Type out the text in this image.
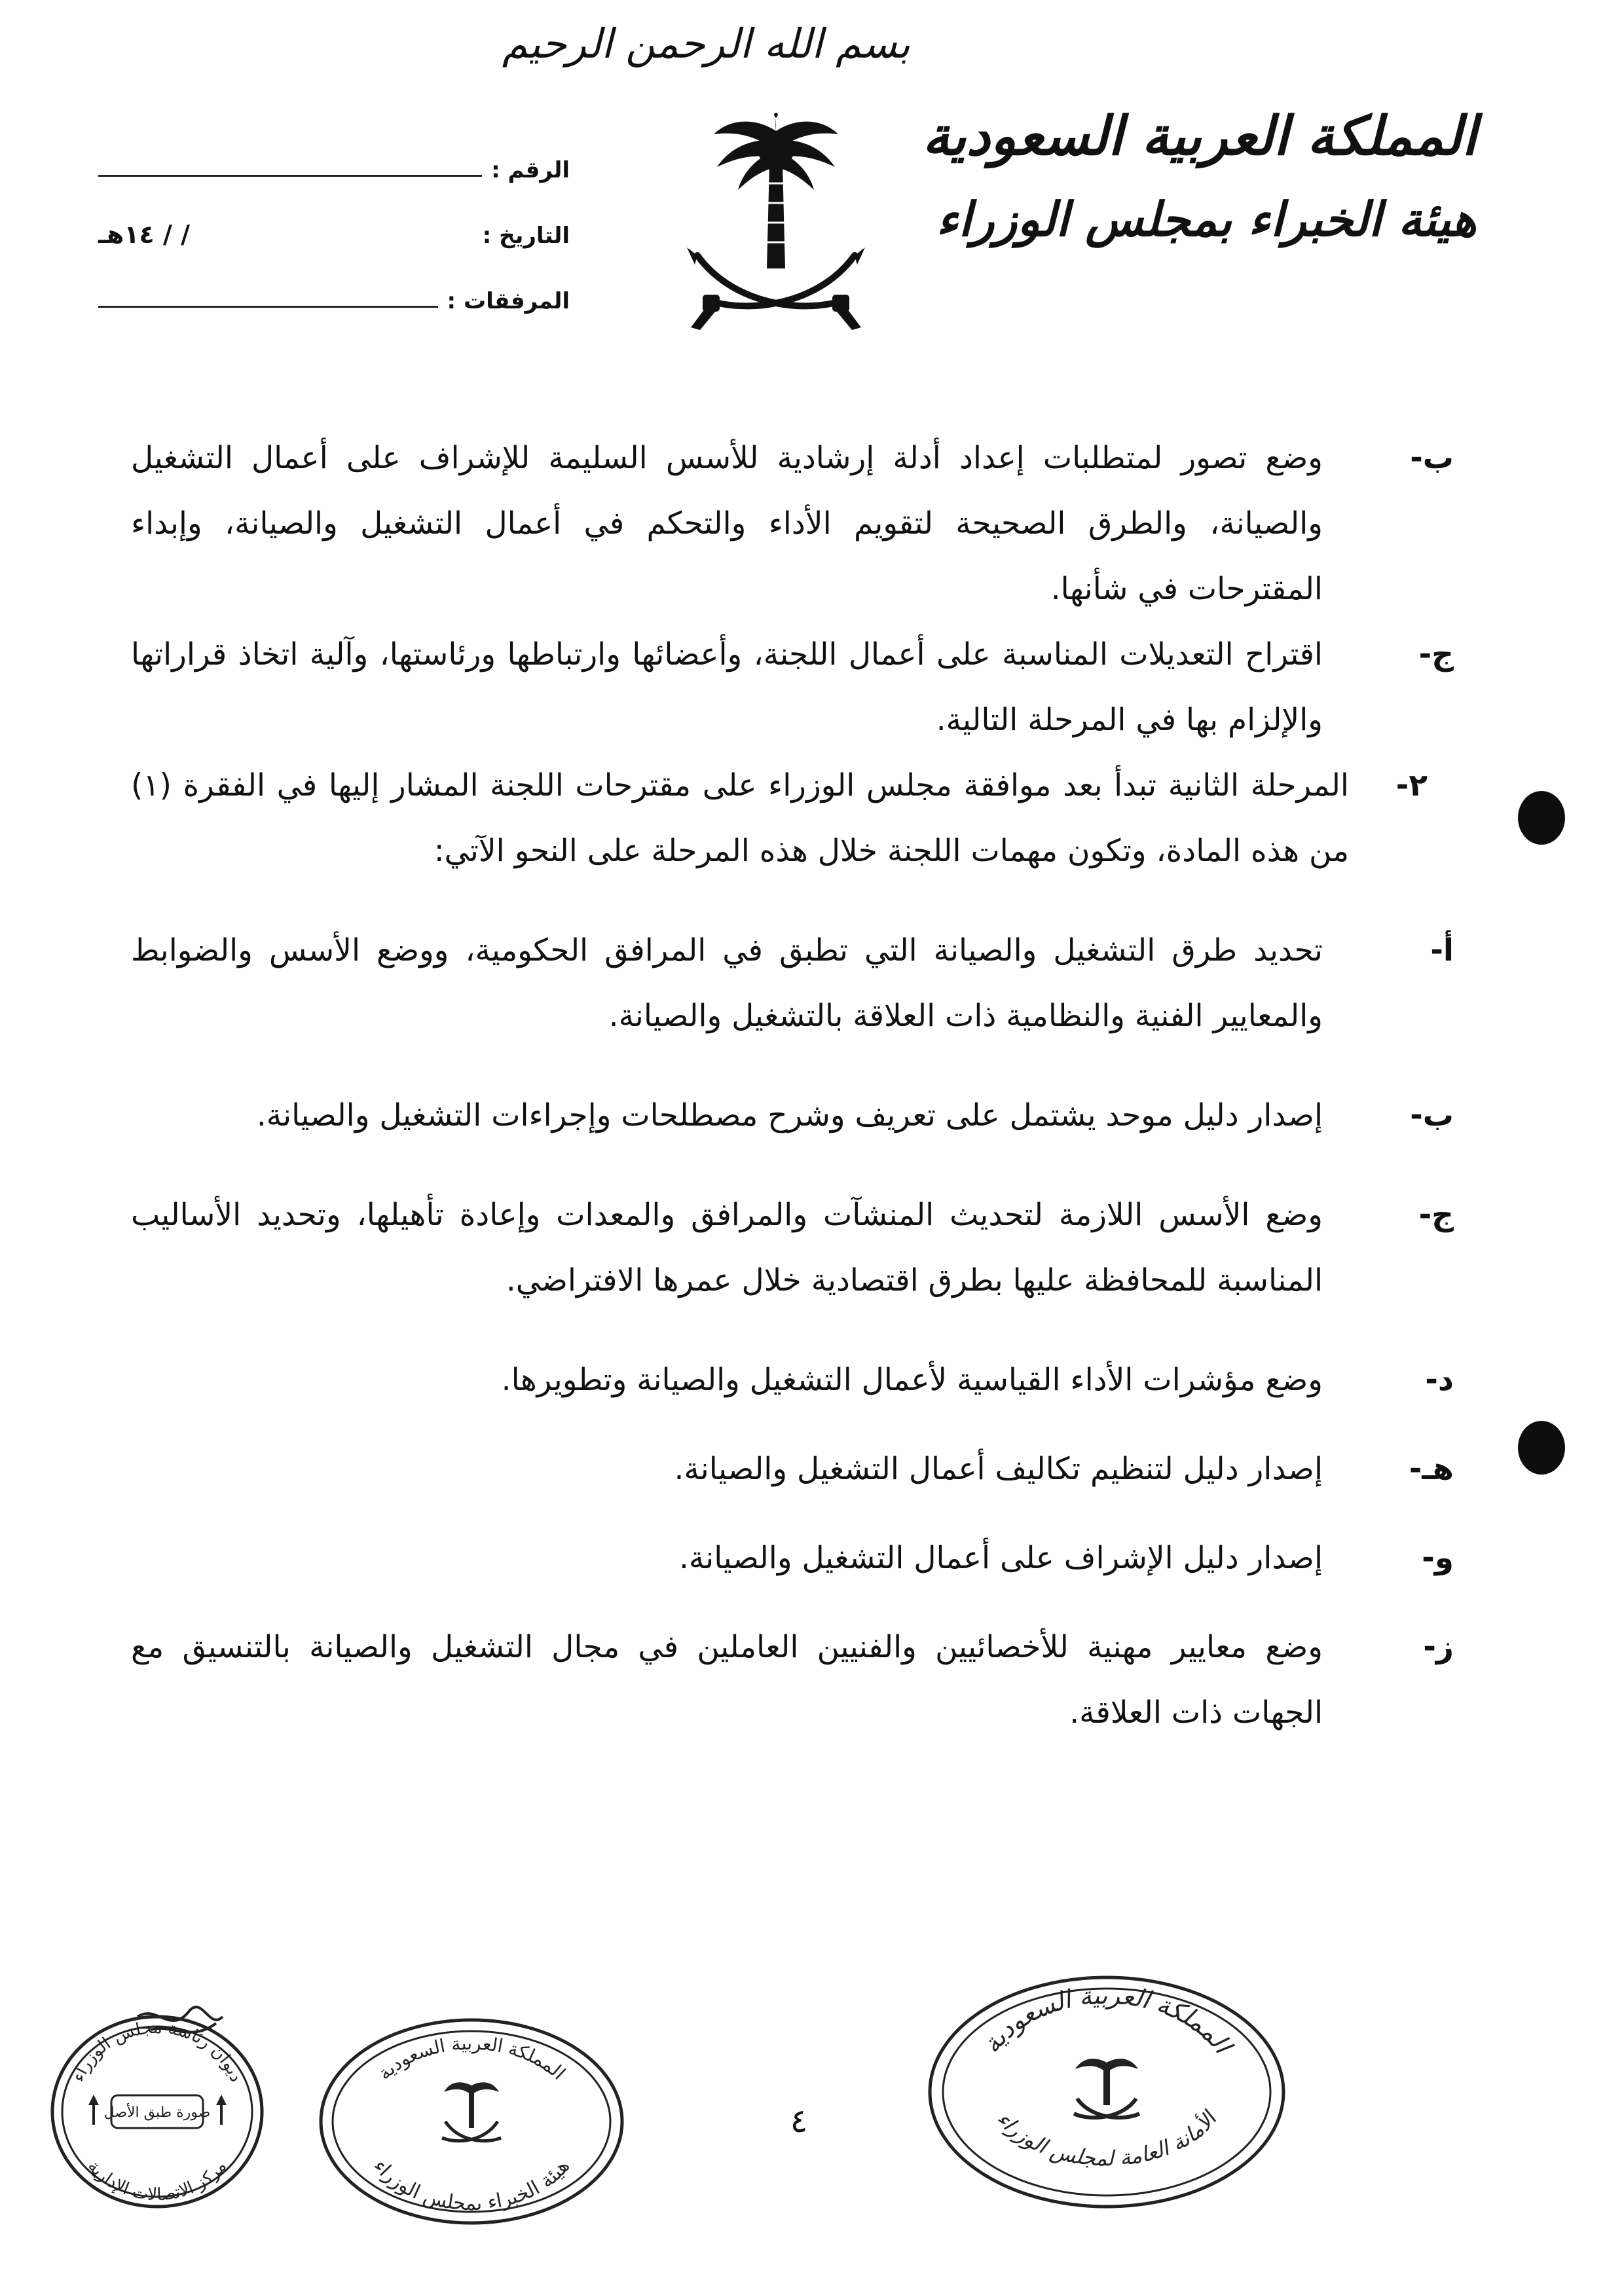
بسم الله الرحمن الرحيم
المملكة العربية السعودية
هيئة الخبراء بمجلس الوزراء
الرقم :
التاريخ :
/ / ١٤هـ
المرفقات :
ب-
وضع تصور لمتطلبات إعداد أدلة إرشادية للأسس السليمة للإشراف على أعمال التشغيل والصيانة، والطرق الصحيحة لتقويم الأداء والتحكم في أعمال التشغيل والصيانة، وإبداء المقترحات في شأنها.
ج-
اقتراح التعديلات المناسبة على أعمال اللجنة، وأعضائها وارتباطها ورئاستها، وآلية اتخاذ قراراتها والإلزام بها في المرحلة التالية.
٢-
المرحلة الثانية تبدأ بعد موافقة مجلس الوزراء على مقترحات اللجنة المشار إليها في الفقرة (١) من هذه المادة، وتكون مهمات اللجنة خلال هذه المرحلة على النحو الآتي:
أ-
تحديد طرق التشغيل والصيانة التي تطبق في المرافق الحكومية، ووضع الأسس والضوابط والمعايير الفنية والنظامية ذات العلاقة بالتشغيل والصيانة.
ب-
إصدار دليل موحد يشتمل على تعريف وشرح مصطلحات وإجراءات التشغيل والصيانة.
ج-
وضع الأسس اللازمة لتحديث المنشآت والمرافق والمعدات وإعادة تأهيلها، وتحديد الأساليب المناسبة للمحافظة عليها بطرق اقتصادية خلال عمرها الافتراضي.
د-
وضع مؤشرات الأداء القياسية لأعمال التشغيل والصيانة وتطويرها.
هـ-
إصدار دليل لتنظيم تكاليف أعمال التشغيل والصيانة.
و-
إصدار دليل الإشراف على أعمال التشغيل والصيانة.
ز-
وضع معايير مهنية للأخصائيين والفنيين العاملين في مجال التشغيل والصيانة بالتنسيق مع الجهات ذات العلاقة.
٤
ديوان رئاسة مجلس الوزراء
صورة طبق الأصل
مركز الاتصالات الإدارية
المملكة العربية السعودية
هيئة الخبراء بمجلس الوزراء
المملكة العربية السعودية
الأمانة العامة لمجلس الوزراء
